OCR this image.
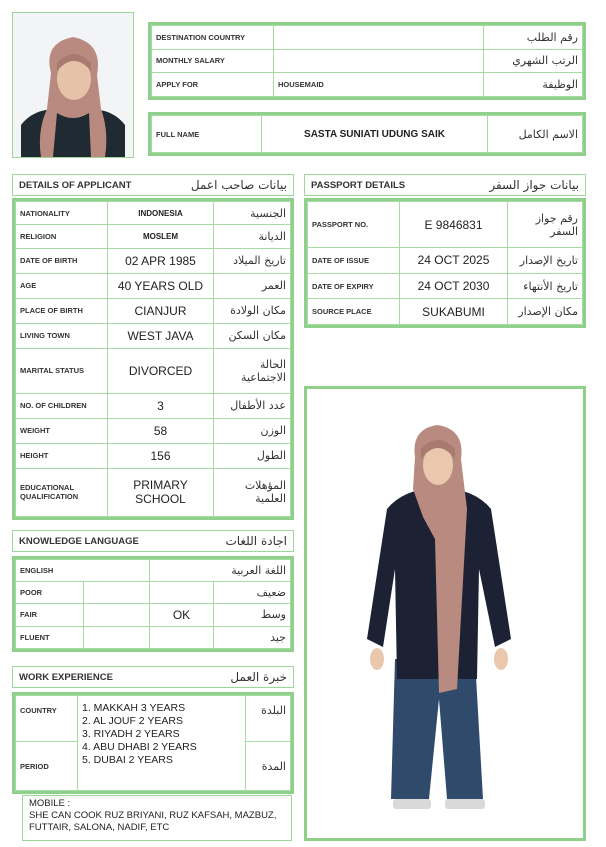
DESTINATION COUNTRY		رقم الطلب
MONTHLY SALARY		الرتب الشهري
APPLY FOR	HOUSEMAID	الوظيفة
FULL NAME	SASTA SUNIATI UDUNG SAIK	الاسم الكامل
DETAILS OF APPLICANT	بيانات صاحب اعمل
NATIONALITY	INDONESIA	الجنسية
RELIGION	MOSLEM	الديانة
DATE OF BIRTH	02 APR 1985	تاريخ الميلاد
AGE	40 YEARS OLD	العمر
PLACE OF BIRTH	CIANJUR	مكان الولادة
LIVING TOWN	WEST JAVA	مكان السكن
MARITAL STATUS	DIVORCED	الحالة الاجتماعية
NO. OF CHILDREN	3	عدد الأطفال
WEIGHT	58	الوزن
HEIGHT	156	الطول
EDUCATIONAL QUALIFICATION	PRIMARY SCHOOL	المؤهلات العلمية
PASSPORT DETAILS	بيانات جواز السفر
PASSPORT NO.	E 9846831	رقم جواز السفر
DATE OF ISSUE	24 OCT 2025	تاريخ الإصدار
DATE OF EXPIRY	24 OCT 2030	تاريخ الأنتهاء
SOURCE PLACE	SUKABUMI	مكان الإصدار
KNOWLEDGE LANGUAGE	اجادة اللغات
ENGLISH		اللغة العربية	
POOR			ضعيف
FAIR		OK	وسط
FLUENT			جيد
WORK EXPERIENCE	خبرة العمل
COUNTRY	1. MAKKAH 3 YEARS
2. AL JOUF 2 YEARS
3. RIYADH 2 YEARS
4. ABU DHABI 2 YEARS
5. DUBAI 2 YEARS	البلدة
PERIOD		المدة
MOBILE :
SHE CAN COOK RUZ BRIYANI, RUZ KAFSAH, MAZBUZ, FUTTAIR, SALONA, NADIF, ETC
